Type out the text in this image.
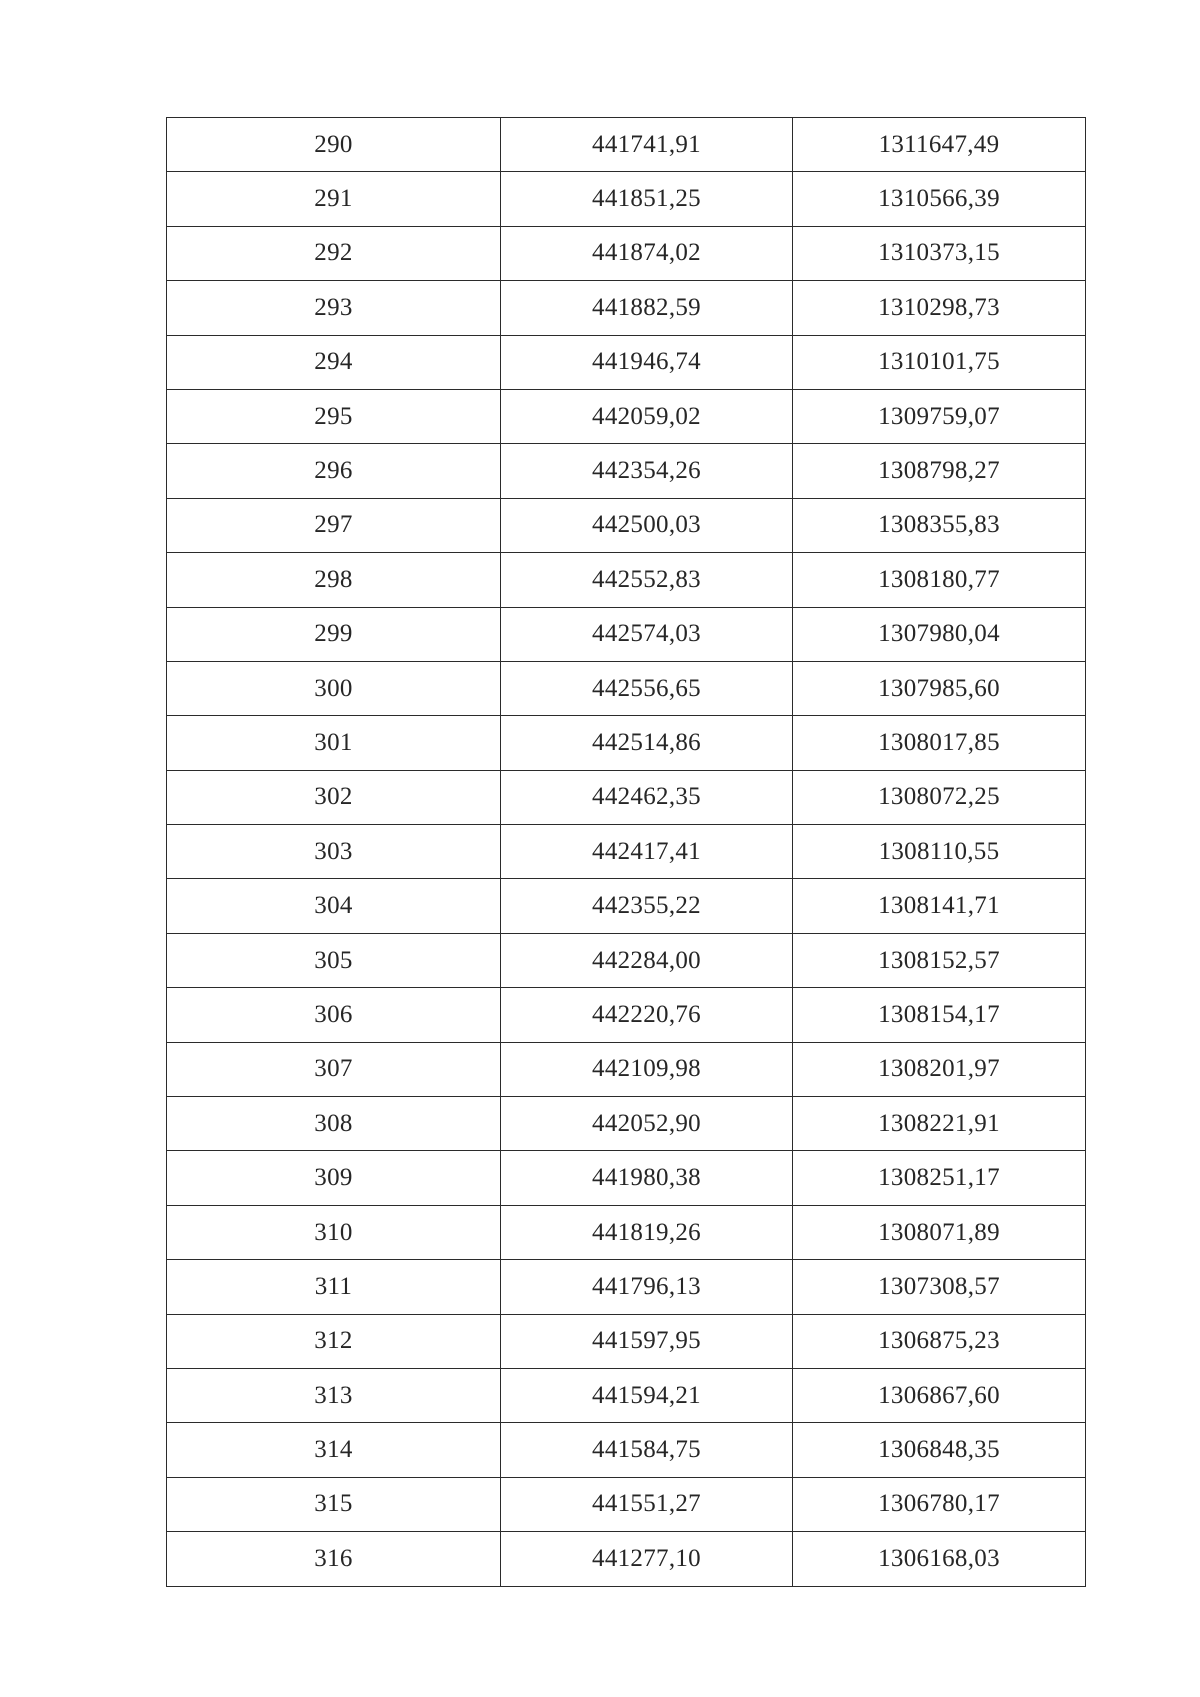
290	441741,91	1311647,49
291	441851,25	1310566,39
292	441874,02	1310373,15
293	441882,59	1310298,73
294	441946,74	1310101,75
295	442059,02	1309759,07
296	442354,26	1308798,27
297	442500,03	1308355,83
298	442552,83	1308180,77
299	442574,03	1307980,04
300	442556,65	1307985,60
301	442514,86	1308017,85
302	442462,35	1308072,25
303	442417,41	1308110,55
304	442355,22	1308141,71
305	442284,00	1308152,57
306	442220,76	1308154,17
307	442109,98	1308201,97
308	442052,90	1308221,91
309	441980,38	1308251,17
310	441819,26	1308071,89
311	441796,13	1307308,57
312	441597,95	1306875,23
313	441594,21	1306867,60
314	441584,75	1306848,35
315	441551,27	1306780,17
316	441277,10	1306168,03
